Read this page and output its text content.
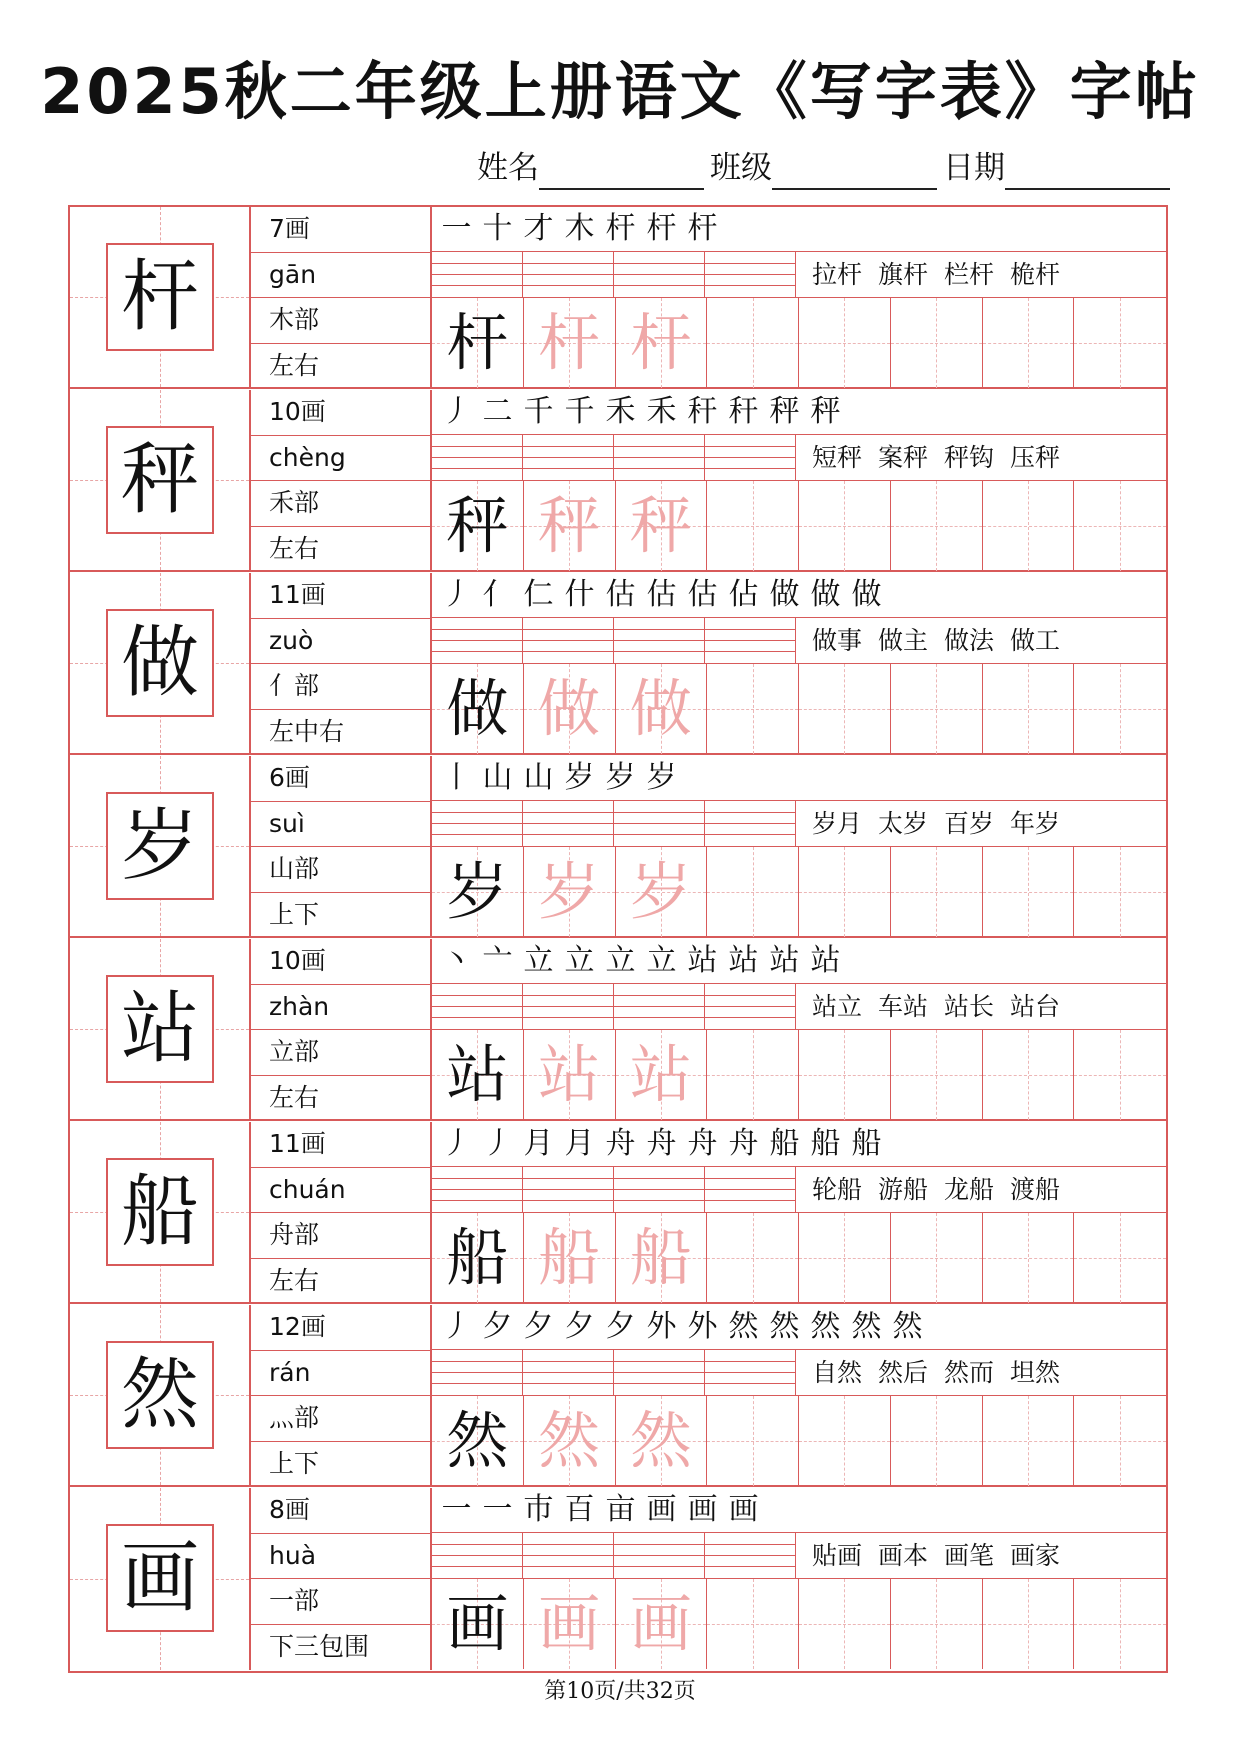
2025秋二年级上册语文《写字表》字帖
姓名	班级	日期
杆
7画
gān
木部
左右
一 十 才 木 杆 杆 杆
拉杆 旗杆 栏杆 桅杆
杆 杆 杆
秤
10画
chèng
禾部
左右
丿 二 千 千 禾 禾 秆 秆 秤 秤
短秤 案秤 秤钩 压秤
秤 秤 秤
做
11画
zuò
亻部
左中右
丿 亻 仁 什 估 估 估 佔 做 做 做
做事 做主 做法 做工
做 做 做
岁
6画
suì
山部
上下
丨 山 山 岁 岁 岁
岁月 太岁 百岁 年岁
岁 岁 岁
站
10画
zhàn
立部
左右
丶 亠 立 立 立 立 站 站 站 站
站立 车站 站长 站台
站 站 站
船
11画
chuán
舟部
左右
丿 丿 月 月 舟 舟 舟 舟 船 船 船
轮船 游船 龙船 渡船
船 船 船
然
12画
rán
灬部
上下
丿 夕 夕 夕 夕 外 外 然 然 然 然 然
自然 然后 然而 坦然
然 然 然
画
8画
huà
一部
下三包围
一 一 巿 百 亩 画 画 画
贴画 画本 画笔 画家
画 画 画
第10页/共32页
